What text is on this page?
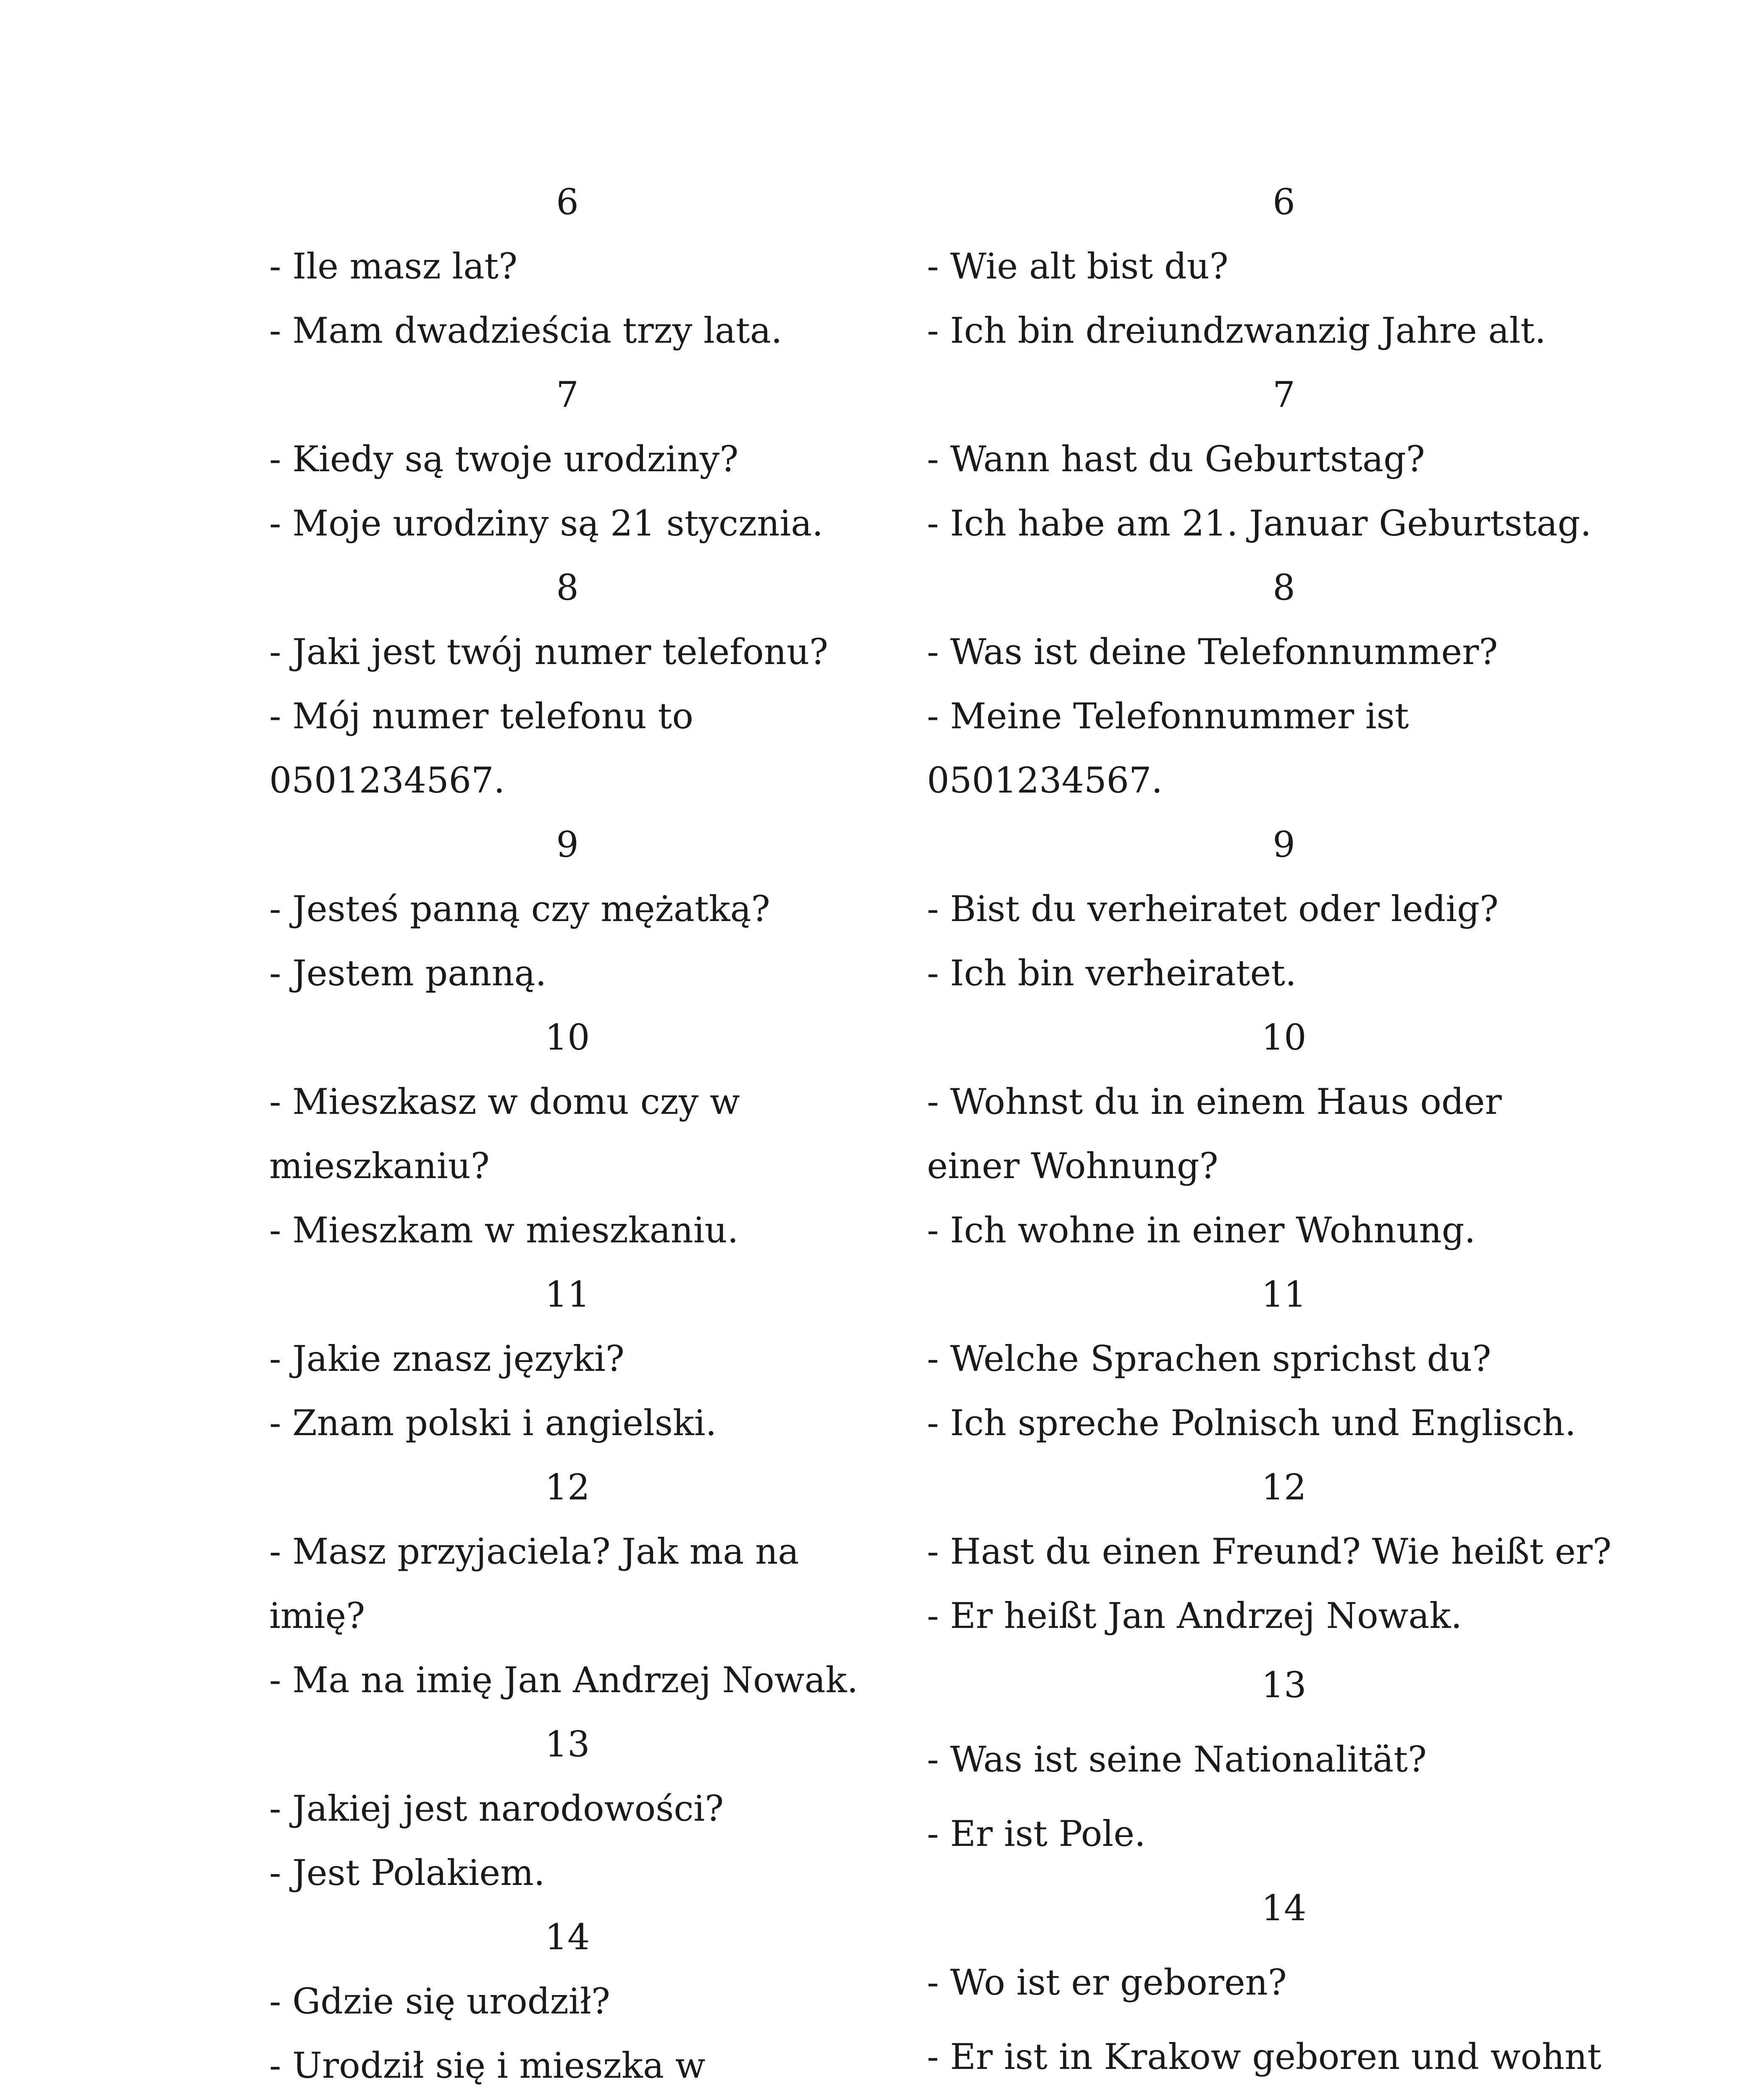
6
- Ile masz lat?
- Mam dwadzieścia trzy lata.
7
- Kiedy są twoje urodziny?
- Moje urodziny są 21 stycznia.
8
- Jaki jest twój numer telefonu?
- Mój numer telefonu to
0501234567.
9
- Jesteś panną czy mężatką?
- Jestem panną.
10
- Mieszkasz w domu czy w
mieszkaniu?
- Mieszkam w mieszkaniu.
11
- Jakie znasz języki?
- Znam polski i angielski.
12
- Masz przyjaciela? Jak ma na
imię?
- Ma na imię Jan Andrzej Nowak.
13
- Jakiej jest narodowości?
- Jest Polakiem.
14
- Gdzie się urodził?
- Urodził się i mieszka w
6
- Wie alt bist du?
- Ich bin dreiundzwanzig Jahre alt.
7
- Wann hast du Geburtstag?
- Ich habe am 21. Januar Geburtstag.
8
- Was ist deine Telefonnummer?
- Meine Telefonnummer ist
0501234567.
9
- Bist du verheiratet oder ledig?
- Ich bin verheiratet.
10
- Wohnst du in einem Haus oder
einer Wohnung?
- Ich wohne in einer Wohnung.
11
- Welche Sprachen sprichst du?
- Ich spreche Polnisch und Englisch.
12
- Hast du einen Freund? Wie heißt er?
- Er heißt Jan Andrzej Nowak.
13
- Was ist seine Nationalität?
- Er ist Pole.
14
- Wo ist er geboren?
- Er ist in Krakow geboren und wohnt
